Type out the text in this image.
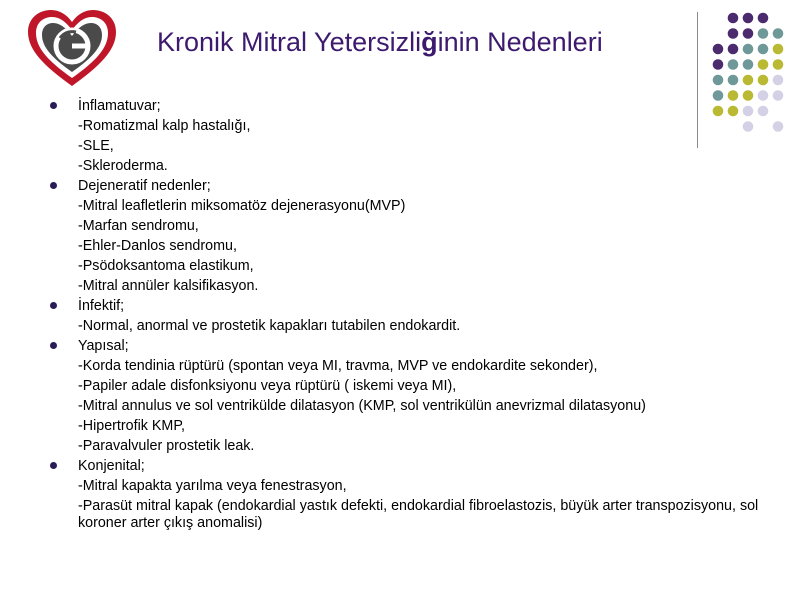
Kronik Mitral Yetersizliğinin Nedenleri
İnflamatuvar;
-Romatizmal kalp hastalığı,
-SLE,
-Skleroderma.
Dejeneratif nedenler;
-Mitral leafletlerin miksomatöz dejenerasyonu(MVP)
-Marfan sendromu,
-Ehler-Danlos sendromu,
-Psödoksantoma elastikum,
-Mitral annüler kalsifikasyon.
İnfektif;
-Normal, anormal ve prostetik kapakları tutabilen endokardit.
Yapısal;
-Korda tendinia rüptürü (spontan veya MI, travma, MVP ve endokardite sekonder),
-Papiler adale disfonksiyonu veya rüptürü ( iskemi veya MI),
-Mitral annulus ve sol ventrikülde dilatasyon (KMP, sol ventrikülün anevrizmal dilatasyonu)
-Hipertrofik KMP,
-Paravalvuler prostetik leak.
Konjenital;
-Mitral kapakta yarılma veya fenestrasyon,
-Parasüt mitral kapak (endokardial yastık defekti, endokardial fibroelastozis, büyük arter transpozisyonu, sol koroner arter çıkış anomalisi)
